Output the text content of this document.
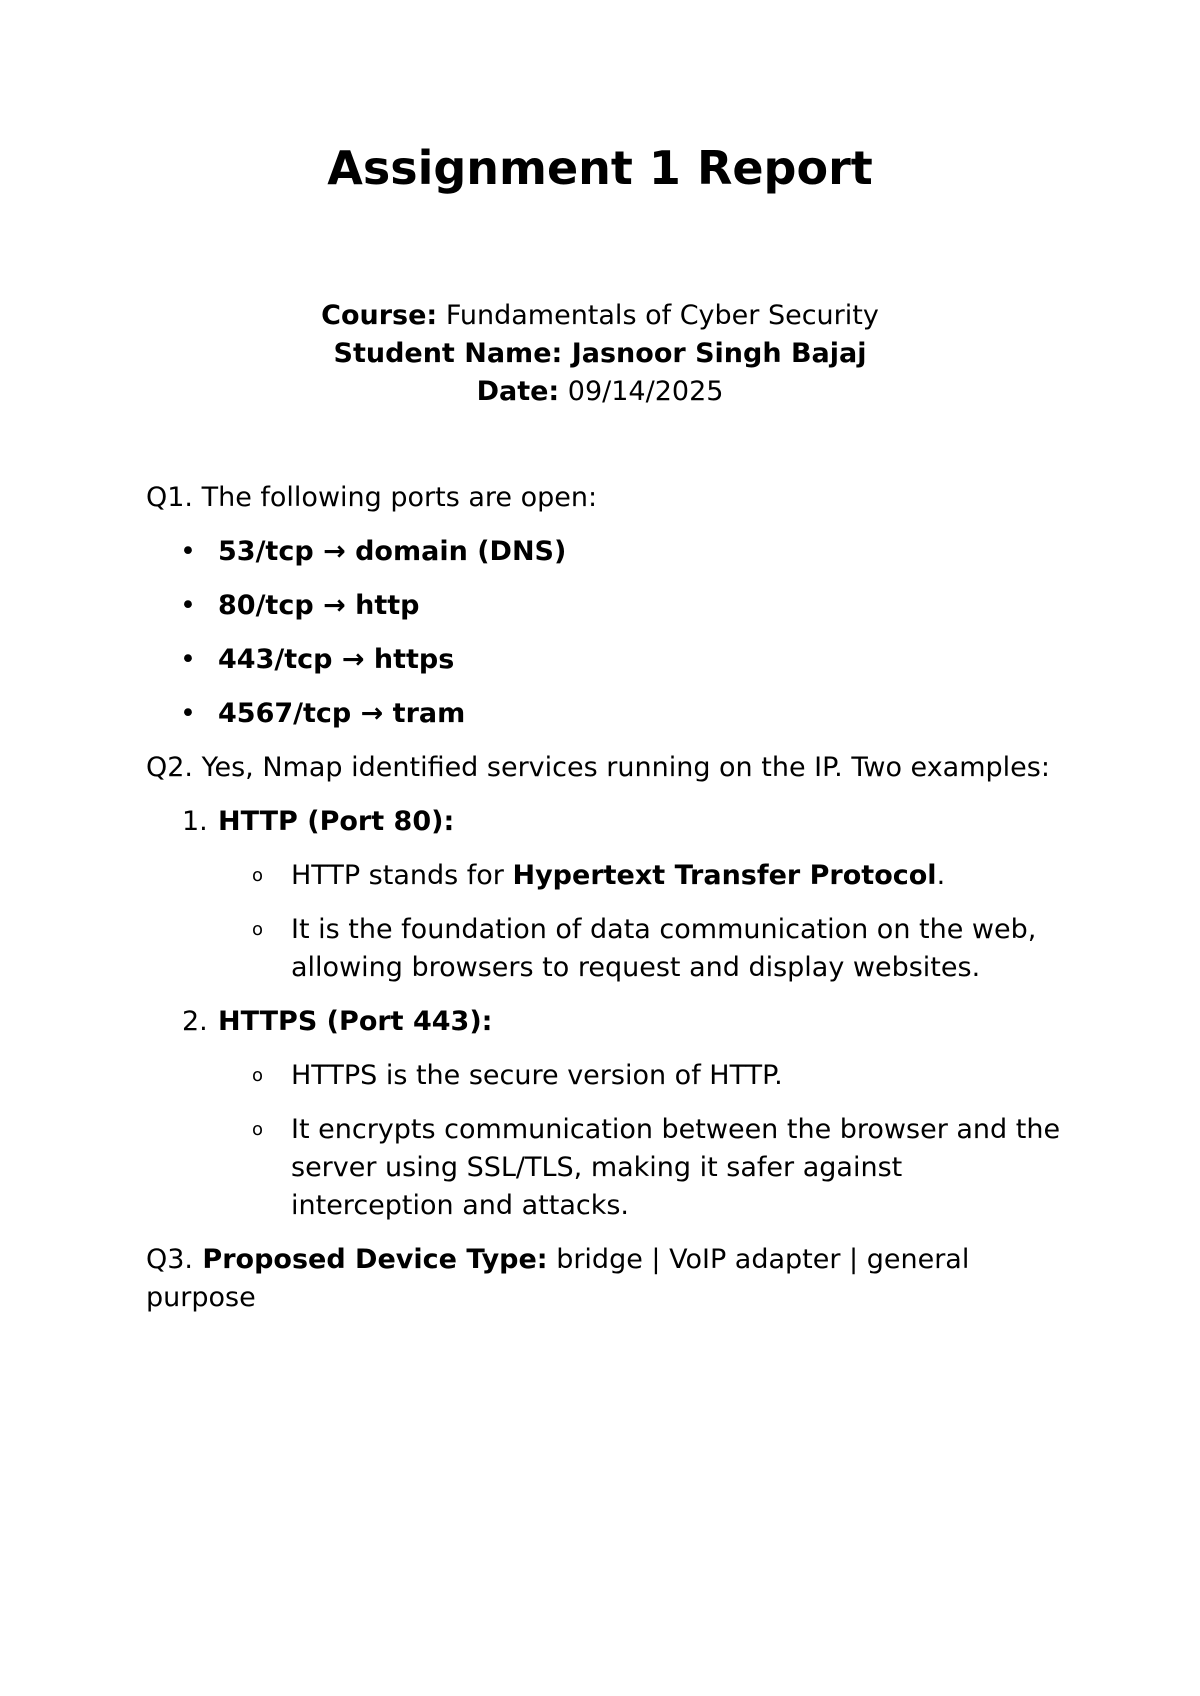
Assignment 1 Report
Course: Fundamentals of Cyber Security
Student Name: Jasnoor Singh Bajaj
Date: 09/14/2025

Q1. The following ports are open:

• 53/tcp → domain (DNS)
• 80/tcp → http
• 443/tcp → https
• 4567/tcp → tram

Q2. Yes, Nmap identified services running on the IP. Two examples:

1. HTTP (Port 80):
o HTTP stands for Hypertext Transfer Protocol.
o It is the foundation of data communication on the web, allowing browsers to request and display websites.
2. HTTPS (Port 443):
o HTTPS is the secure version of HTTP.
o It encrypts communication between the browser and the server using SSL/TLS, making it safer against interception and attacks.

Q3. Proposed Device Type: bridge | VoIP adapter | general purpose
